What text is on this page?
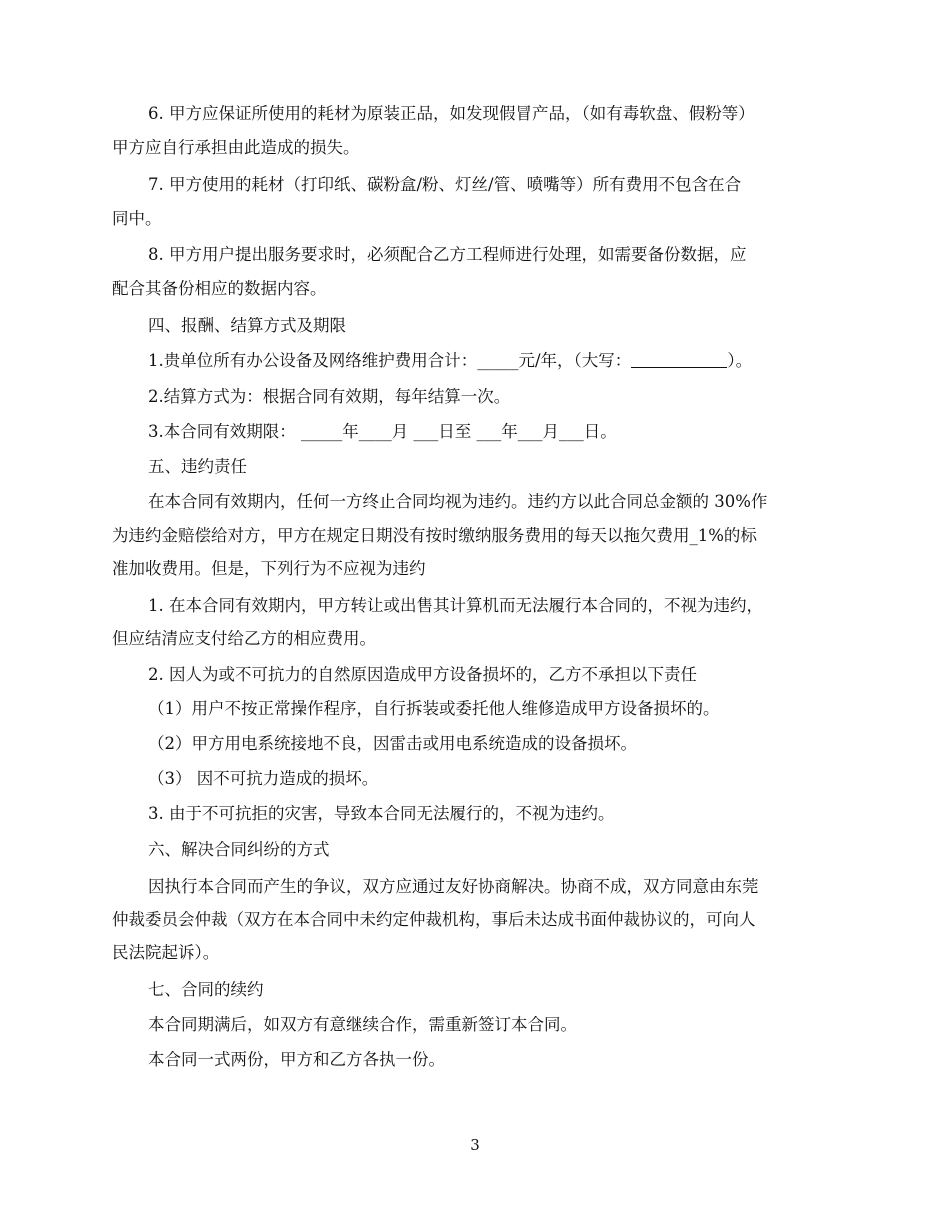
6. 甲方应保证所使用的耗材为原装正品，如发现假冒产品，（如有毒软盘、假粉等）
甲方应自行承担由此造成的损失。
7. 甲方使用的耗材（打印纸、碳粉盒/粉、灯丝/管、喷嘴等）所有费用不包含在合
同中。
8. 甲方用户提出服务要求时，必须配合乙方工程师进行处理，如需要备份数据，应
配合其备份相应的数据内容。
四、报酬、结算方式及期限
1.贵单位所有办公设备及网络维护费用合计：_____元/年，（大写：	）。
2.结算方式为：根据合同有效期，每年结算一次。
3.本合同有效期限： _____年____月 ___日至 ___年___月___日。
五、违约责任
在本合同有效期内，任何一方终止合同均视为违约。违约方以此合同总金额的 30%作
为违约金赔偿给对方，甲方在规定日期没有按时缴纳服务费用的每天以拖欠费用_1%的标
准加收费用。但是，下列行为不应视为违约
1. 在本合同有效期内，甲方转让或出售其计算机而无法履行本合同的，不视为违约，
但应结清应支付给乙方的相应费用。
2. 因人为或不可抗力的自然原因造成甲方设备损坏的，乙方不承担以下责任
（1）用户不按正常操作程序，自行拆装或委托他人维修造成甲方设备损坏的。
（2）甲方用电系统接地不良，因雷击或用电系统造成的设备损坏。
（3） 因不可抗力造成的损坏。
3. 由于不可抗拒的灾害，导致本合同无法履行的，不视为违约。
六、解决合同纠纷的方式
因执行本合同而产生的争议，双方应通过友好协商解决。协商不成，双方同意由东莞
仲裁委员会仲裁（双方在本合同中未约定仲裁机构，事后未达成书面仲裁协议的，可向人
民法院起诉）。
七、合同的续约
本合同期满后，如双方有意继续合作，需重新签订本合同。
本合同一式两份，甲方和乙方各执一份。
3
